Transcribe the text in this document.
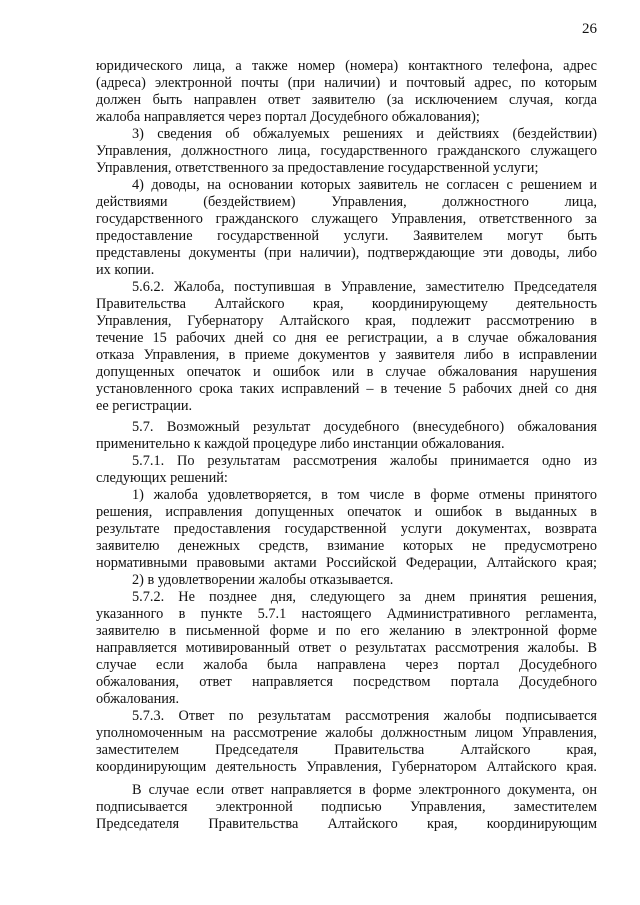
26
юридического лица, а также номер (номера) контактного телефона, адрес
(адреса) электронной почты (при наличии) и почтовый адрес, по которым
должен быть направлен ответ заявителю (за исключением случая, когда
жалоба направляется через портал Досудебного обжалования);
3) сведения об обжалуемых решениях и действиях (бездействии)
Управления, должностного лица, государственного гражданского служащего
Управления, ответственного за предоставление государственной услуги;
4) доводы, на основании которых заявитель не согласен с решением и
действиями (бездействием) Управления, должностного лица,
государственного гражданского служащего Управления, ответственного за
предоставление государственной услуги. Заявителем могут быть
представлены документы (при наличии), подтверждающие эти доводы, либо
их копии.
5.6.2. Жалоба, поступившая в Управление, заместителю Председателя
Правительства Алтайского края, координирующему деятельность
Управления, Губернатору Алтайского края, подлежит рассмотрению в
течение 15 рабочих дней со дня ее регистрации, а в случае обжалования
отказа Управления, в приеме документов у заявителя либо в исправлении
допущенных опечаток и ошибок или в случае обжалования нарушения
установленного срока таких исправлений – в течение 5 рабочих дней со дня
ее регистрации.
5.7. Возможный результат досудебного (внесудебного) обжалования
применительно к каждой процедуре либо инстанции обжалования.
5.7.1. По результатам рассмотрения жалобы принимается одно из
следующих решений:
1) жалоба удовлетворяется, в том числе в форме отмены принятого
решения, исправления допущенных опечаток и ошибок в выданных в
результате предоставления государственной услуги документах, возврата
заявителю денежных средств, взимание которых не предусмотрено
нормативными правовыми актами Российской Федерации, Алтайского края;
2) в удовлетворении жалобы отказывается.
5.7.2. Не позднее дня, следующего за днем принятия решения,
указанного в пункте 5.7.1 настоящего Административного регламента,
заявителю в письменной форме и по его желанию в электронной форме
направляется мотивированный ответ о результатах рассмотрения жалобы. В
случае если жалоба была направлена через портал Досудебного
обжалования, ответ направляется посредством портала Досудебного
обжалования.
5.7.3. Ответ по результатам рассмотрения жалобы подписывается
уполномоченным на рассмотрение жалобы должностным лицом Управления,
заместителем Председателя Правительства Алтайского края,
координирующим деятельность Управления, Губернатором Алтайского края.
В случае если ответ направляется в форме электронного документа, он
подписывается электронной подписью Управления, заместителем
Председателя Правительства Алтайского края, координирующим
